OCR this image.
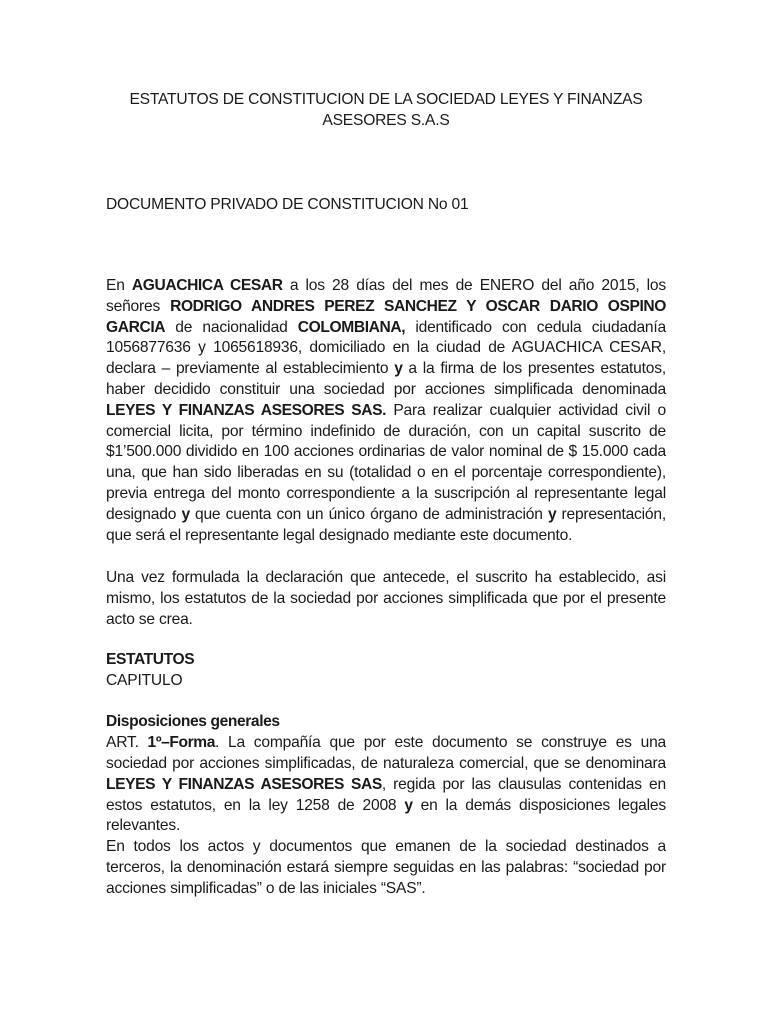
ESTATUTOS DE CONSTITUCION DE LA SOCIEDAD LEYES Y FINANZAS
ASESORES S.A.S

DOCUMENTO PRIVADO DE CONSTITUCION No 01

En AGUACHICA CESAR a los 28 días del mes de ENERO del año 2015, los señores RODRIGO ANDRES PEREZ SANCHEZ Y OSCAR DARIO OSPINO GARCIA de nacionalidad COLOMBIANA, identificado con cedula ciudadanía 1056877636 y 1065618936, domiciliado en la ciudad de AGUACHICA CESAR, declara – previamente al establecimiento y a la firma de los presentes estatutos, haber decidido constituir una sociedad por acciones simplificada denominada LEYES Y FINANZAS ASESORES SAS. Para realizar cualquier actividad civil o comercial licita, por término indefinido de duración, con un capital suscrito de $1’500.000 dividido en 100 acciones ordinarias de valor nominal de $ 15.000 cada una, que han sido liberadas en su (totalidad o en el porcentaje correspondiente), previa entrega del monto correspondiente a la suscripción al representante legal designado y que cuenta con un único órgano de administración y representación, que será el representante legal designado mediante este documento.

Una vez formulada la declaración que antecede, el suscrito ha establecido, asi mismo, los estatutos de la sociedad por acciones simplificada que por el presente acto se crea.

ESTATUTOS
CAPITULO
Disposiciones generales

ART. 1º–Forma. La compañía que por este documento se construye es una sociedad por acciones simplificadas, de naturaleza comercial, que se denominara LEYES Y FINANZAS ASESORES SAS, regida por las clausulas contenidas en estos estatutos, en la ley 1258 de 2008 y en la demás disposiciones legales relevantes.

En todos los actos y documentos que emanen de la sociedad destinados a terceros, la denominación estará siempre seguidas en las palabras: “sociedad por acciones simplificadas” o de las iniciales “SAS”.
